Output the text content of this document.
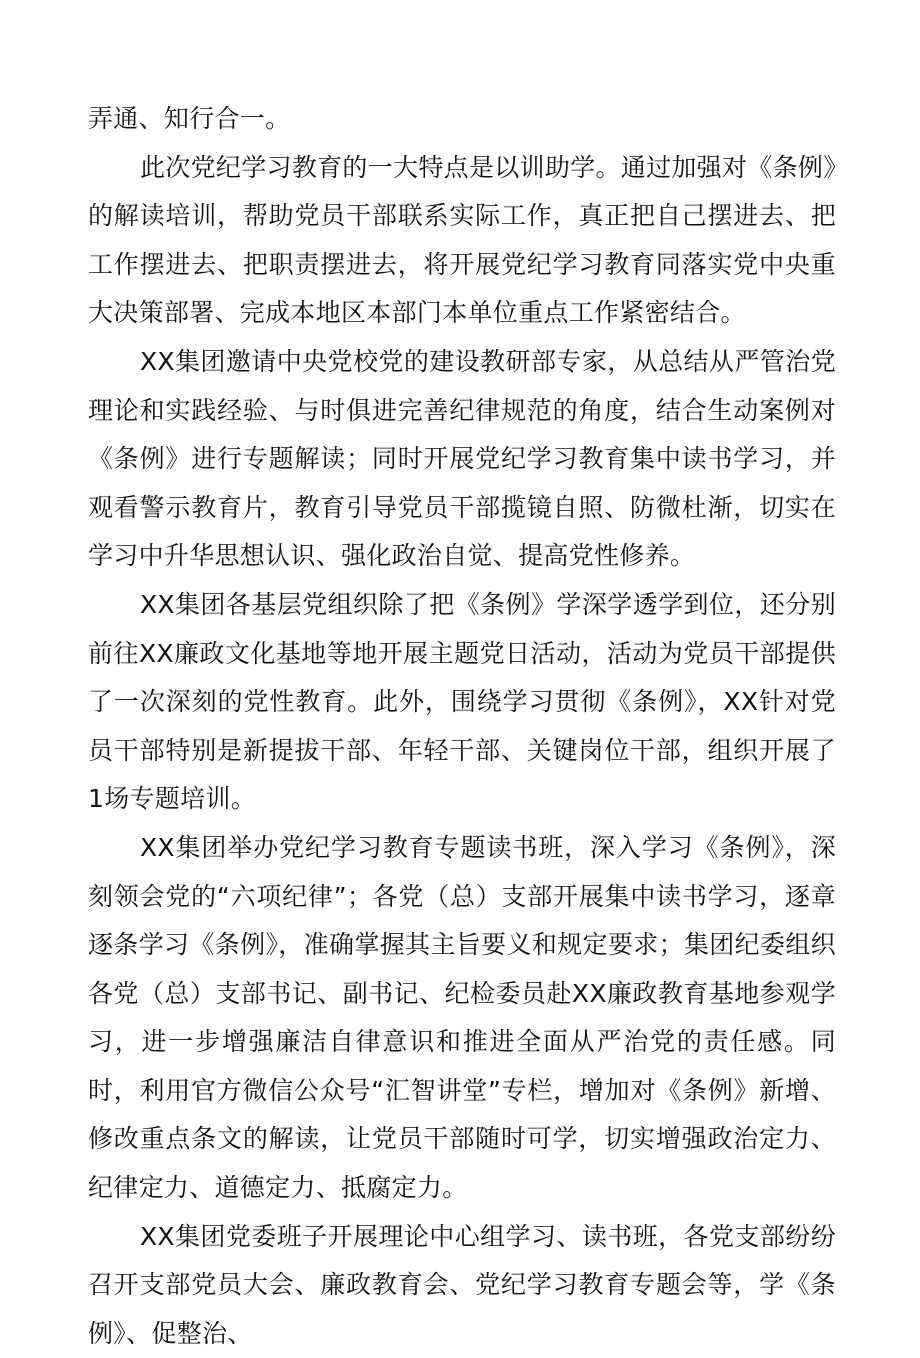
弄通、知行合一。

此次党纪学习教育的一大特点是以训助学。通过加强对《条例》的解读培训，帮助党员干部联系实际工作，真正把自己摆进去、把工作摆进去、把职责摆进去，将开展党纪学习教育同落实党中央重大决策部署、完成本地区本部门本单位重点工作紧密结合。

XX集团邀请中央党校党的建设教研部专家，从总结从严管治党理论和实践经验、与时俱进完善纪律规范的角度，结合生动案例对《条例》进行专题解读；同时开展党纪学习教育集中读书学习，并观看警示教育片，教育引导党员干部揽镜自照、防微杜渐，切实在学习中升华思想认识、强化政治自觉、提高党性修养。

XX集团各基层党组织除了把《条例》学深学透学到位，还分别前往XX廉政文化基地等地开展主题党日活动，活动为党员干部提供了一次深刻的党性教育。此外，围绕学习贯彻《条例》，XX针对党员干部特别是新提拔干部、年轻干部、关键岗位干部，组织开展了1场专题培训。

XX集团举办党纪学习教育专题读书班，深入学习《条例》，深刻领会党的“六项纪律”；各党（总）支部开展集中读书学习，逐章逐条学习《条例》，准确掌握其主旨要义和规定要求；集团纪委组织各党（总）支部书记、副书记、纪检委员赴XX廉政教育基地参观学习，进一步增强廉洁自律意识和推进全面从严治党的责任感。同时，利用官方微信公众号“汇智讲堂”专栏，增加对《条例》新增、修改重点条文的解读，让党员干部随时可学，切实增强政治定力、纪律定力、道德定力、抵腐定力。

XX集团党委班子开展理论中心组学习、读书班，各党支部纷纷召开支部党员大会、廉政教育会、党纪学习教育专题会等，学《条例》、促整治、
